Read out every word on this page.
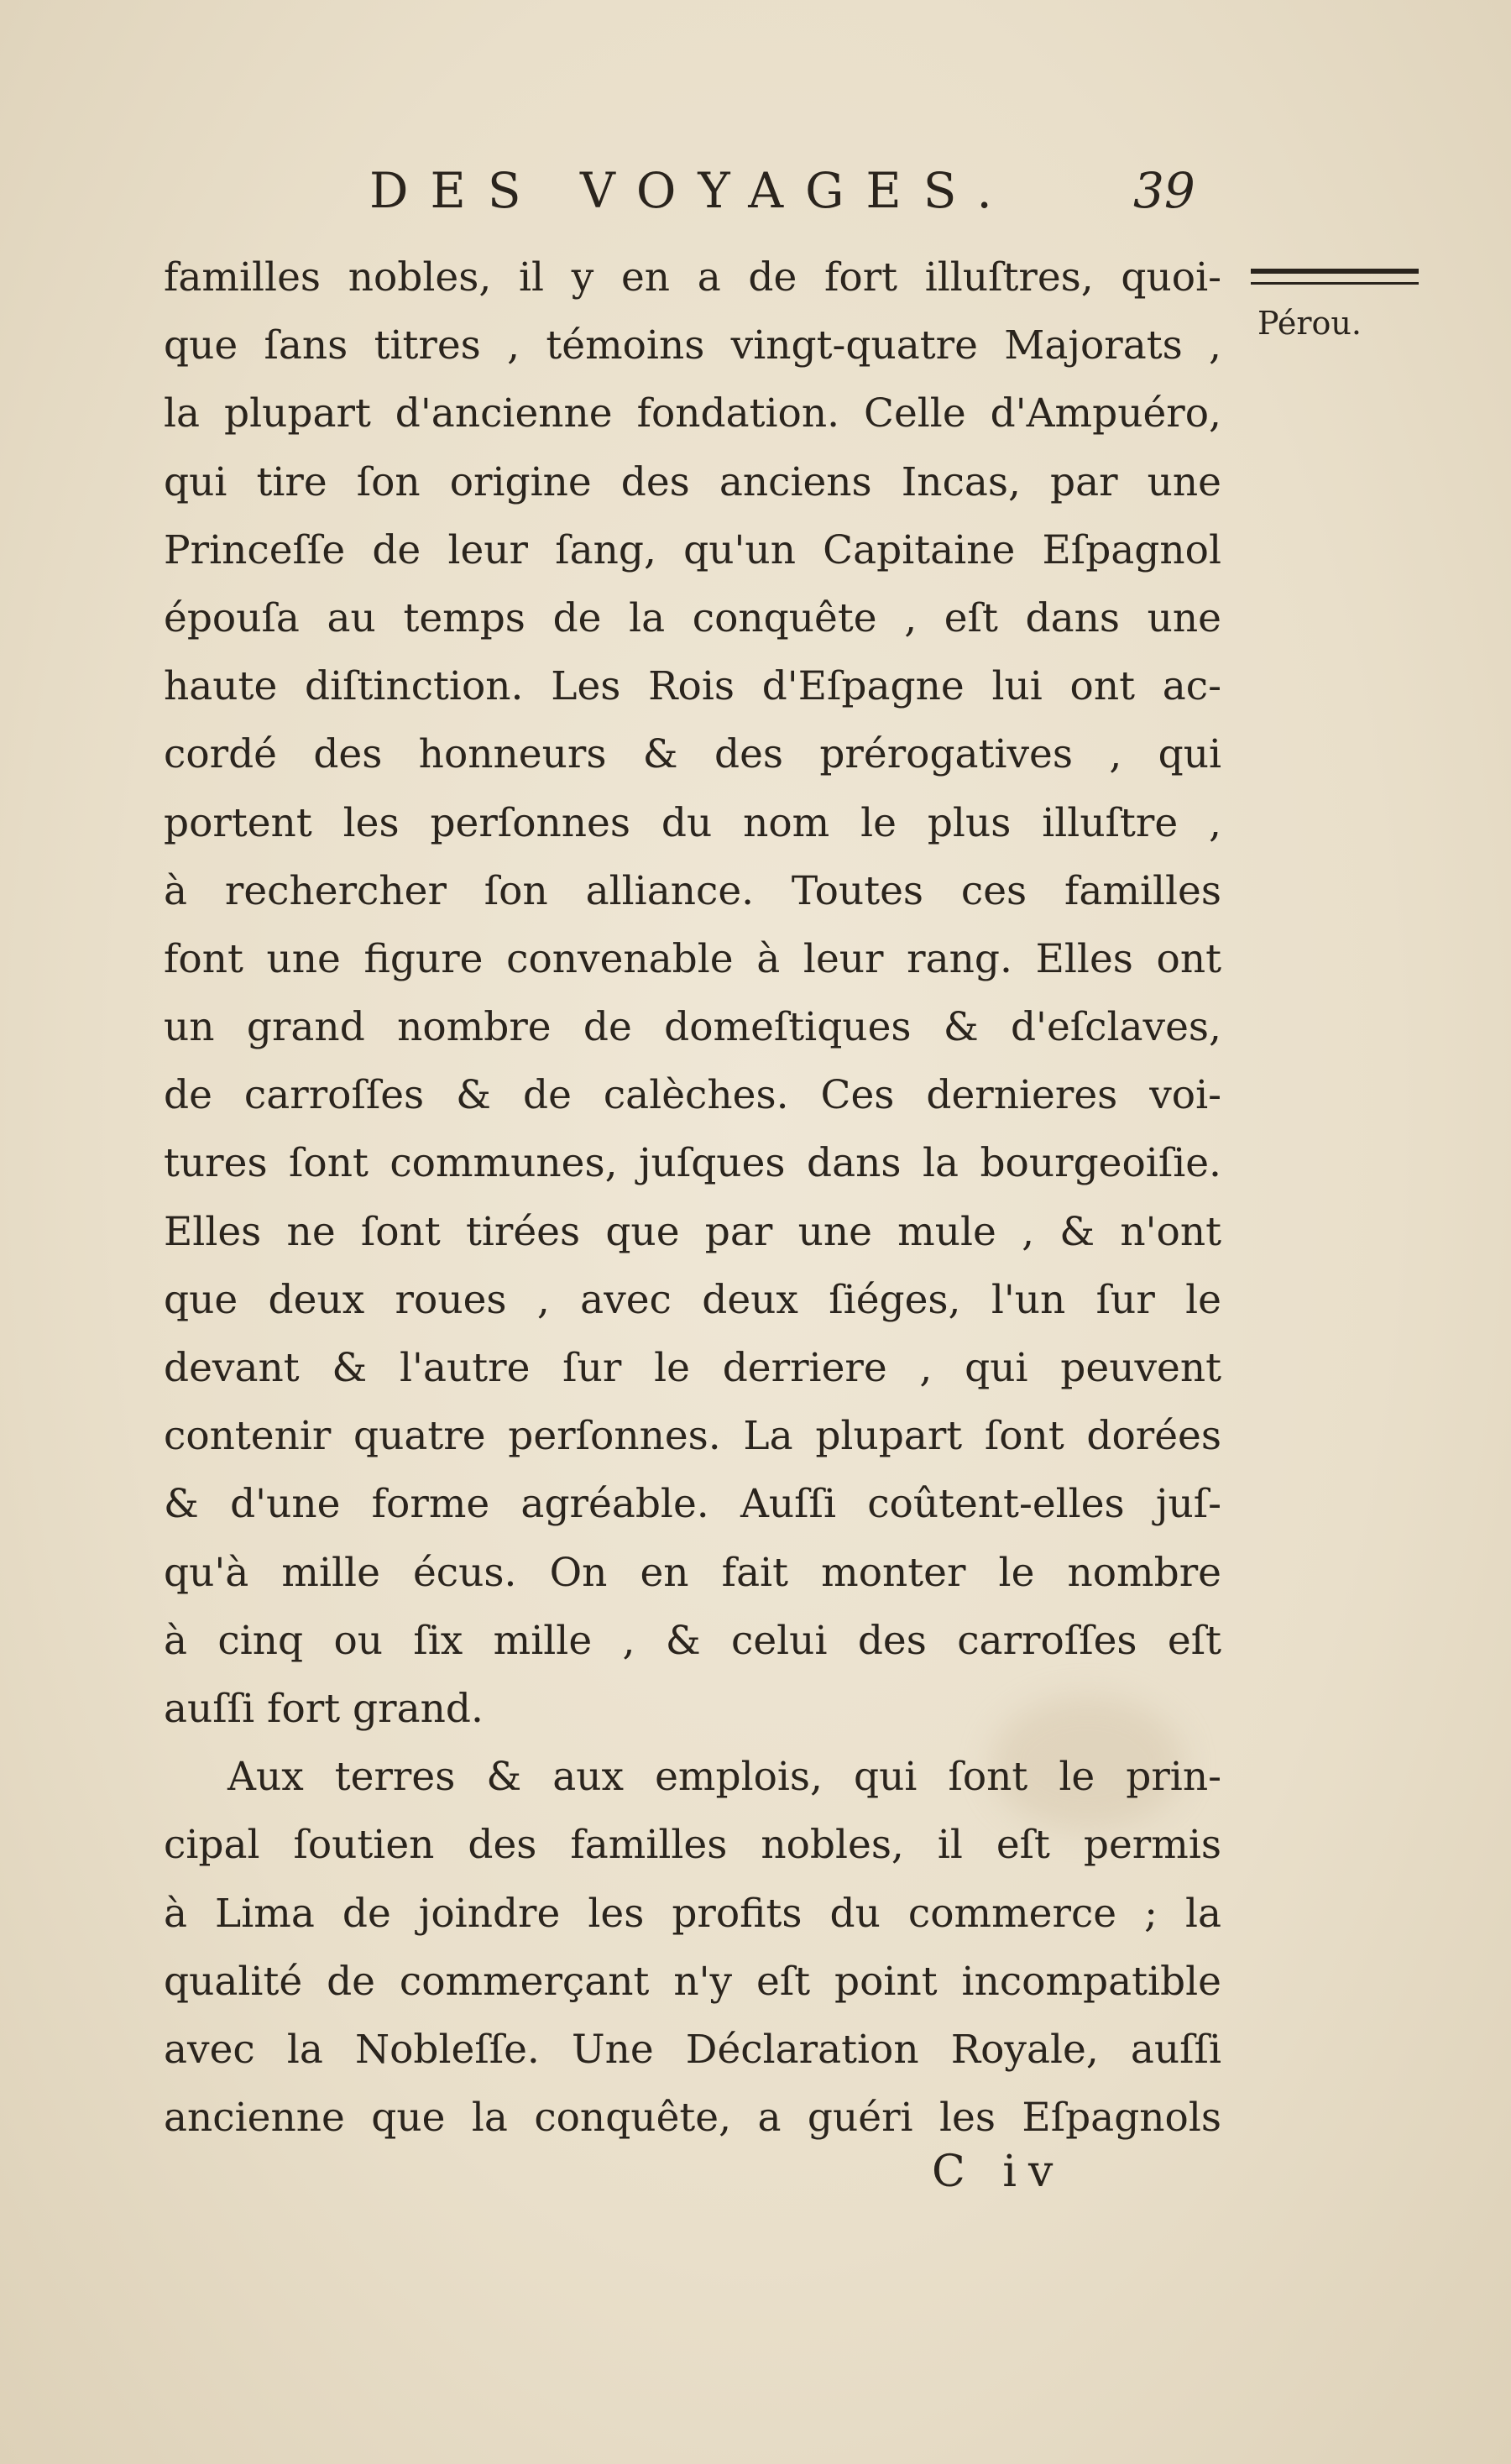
DES VOYAGES. 39
Pérou.
familles nobles, il y en a de fort illuſtres, quoi-
que ſans titres , témoins vingt-quatre Majorats ,
la plupart d'ancienne fondation. Celle d'Ampuéro,
qui tire ſon origine des anciens Incas, par une
Princeſſe de leur ſang, qu'un Capitaine Eſpagnol
épouſa au temps de la conquête , eſt dans une
haute diſtinction. Les Rois d'Eſpagne lui ont ac-
cordé des honneurs & des prérogatives , qui
portent les perſonnes du nom le plus illuſtre ,
à rechercher ſon alliance. Toutes ces familles
font une figure convenable à leur rang. Elles ont
un grand nombre de domeſtiques & d'eſclaves,
de carroſſes & de calèches. Ces dernieres voi-
tures ſont communes, juſques dans la bourgeoiſie.
Elles ne ſont tirées que par une mule , & n'ont
que deux roues , avec deux ſiéges, l'un ſur le
devant & l'autre ſur le derriere , qui peuvent
contenir quatre perſonnes. La plupart ſont dorées
& d'une forme agréable. Auſſi coûtent-elles juſ-
qu'à mille écus. On en fait monter le nombre
à cinq ou ſix mille , & celui des carroſſes eſt
auſſi fort grand.
Aux terres & aux emplois, qui ſont le prin-
cipal ſoutien des familles nobles, il eſt permis
à Lima de joindre les profits du commerce ; la
qualité de commerçant n'y eſt point incompatible
avec la Nobleſſe. Une Déclaration Royale, auſſi
ancienne que la conquête, a guéri les Eſpagnols
C iv
